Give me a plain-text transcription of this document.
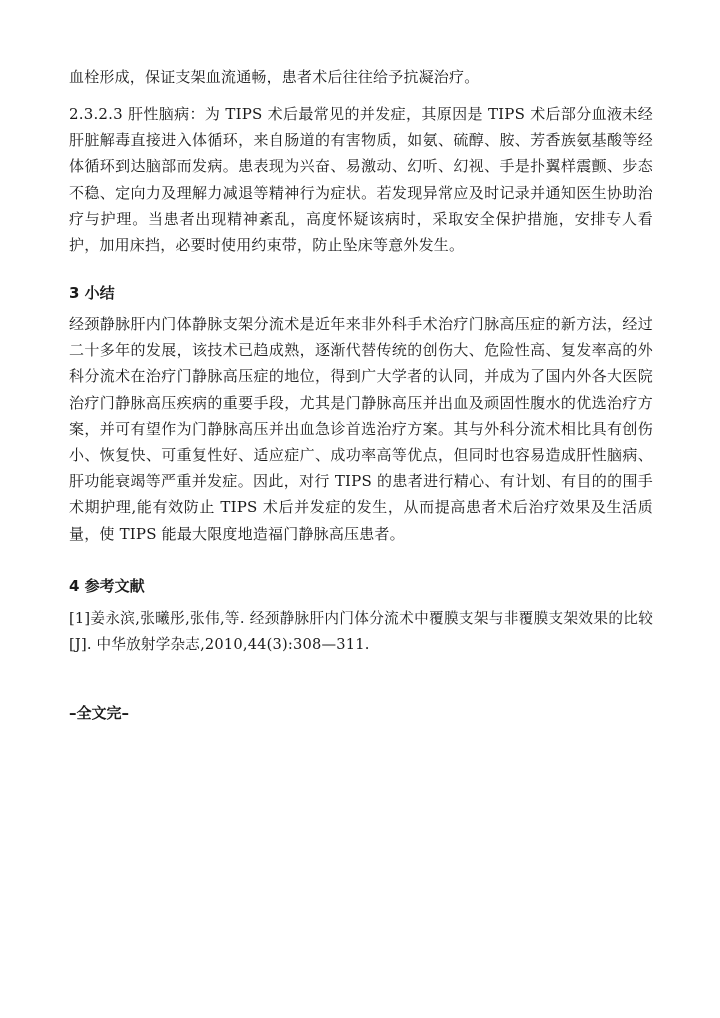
血栓形成，保证支架血流通畅，患者术后往往给予抗凝治疗。

2.3.2.3 肝性脑病：为 TIPS 术后最常见的并发症，其原因是 TIPS 术后部分血液未经肝脏解毒直接进入体循环，来自肠道的有害物质，如氨、硫醇、胺、芳香族氨基酸等经体循环到达脑部而发病。患表现为兴奋、易激动、幻听、幻视、手是扑翼样震颤、步态不稳、定向力及理解力减退等精神行为症状。若发现异常应及时记录并通知医生协助治疗与护理。当患者出现精神紊乱，高度怀疑该病时，采取安全保护措施，安排专人看护，加用床挡，必要时使用约束带，防止坠床等意外发生。

3 小结

经颈静脉肝内门体静脉支架分流术是近年来非外科手术治疗门脉高压症的新方法，经过二十多年的发展，该技术已趋成熟，逐渐代替传统的创伤大、危险性高、复发率高的外科分流术在治疗门静脉高压症的地位，得到广大学者的认同，并成为了国内外各大医院治疗门静脉高压疾病的重要手段，尤其是门静脉高压并出血及顽固性腹水的优选治疗方案，并可有望作为门静脉高压并出血急诊首选治疗方案。其与外科分流术相比具有创伤小、恢复快、可重复性好、适应症广、成功率高等优点，但同时也容易造成肝性脑病、肝功能衰竭等严重并发症。因此，对行 TIPS 的患者进行精心、有计划、有目的的围手术期护理,能有效防止 TIPS 术后并发症的发生，从而提高患者术后治疗效果及生活质量，使 TIPS 能最大限度地造福门静脉高压患者。

4 参考文献

[1]姜永滨,张曦彤,张伟,等. 经颈静脉肝内门体分流术中覆膜支架与非覆膜支架效果的比较[J]. 中华放射学杂志,2010,44(3):308—311.

–全文完–
